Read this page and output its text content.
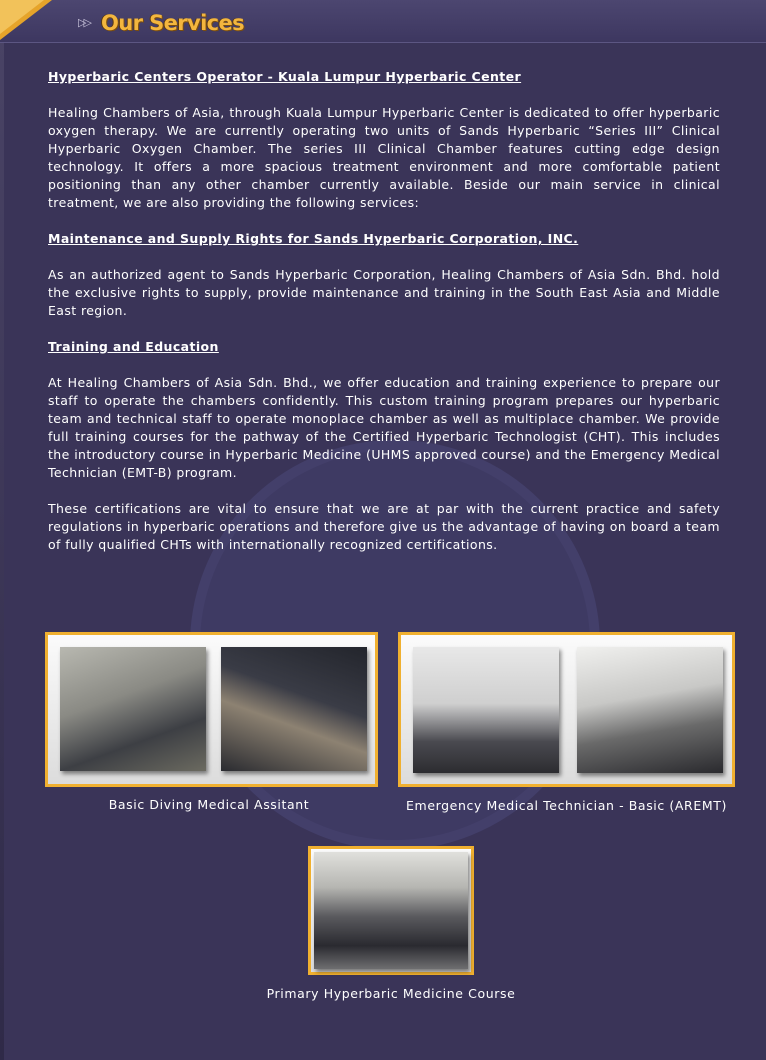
▷▷ Our Services

Hyperbaric Centers Operator - Kuala Lumpur Hyperbaric Center

Healing Chambers of Asia, through Kuala Lumpur Hyperbaric Center is dedicated to offer hyperbaric oxygen therapy. We are currently operating two units of Sands Hyperbaric “Series III” Clinical Hyperbaric Oxygen Chamber. The series III Clinical Chamber features cutting edge design technology. It offers a more spacious treatment environment and more comfortable patient positioning than any other chamber currently available. Beside our main service in clinical treatment, we are also providing the following services:

Maintenance and Supply Rights for Sands Hyperbaric Corporation, INC.

As an authorized agent to Sands Hyperbaric Corporation, Healing Chambers of Asia Sdn. Bhd. hold the exclusive rights to supply, provide maintenance and training in the South East Asia and Middle East region.

Training and Education

At Healing Chambers of Asia Sdn. Bhd., we offer education and training experience to prepare our staff to operate the chambers confidently. This custom training program prepares our hyperbaric team and technical staff to operate monoplace chamber as well as multiplace chamber. We provide full training courses for the pathway of the Certified Hyperbaric Technologist (CHT). This includes the introductory course in Hyperbaric Medicine (UHMS approved course) and the Emergency Medical Technician (EMT-B) program.

These certifications are vital to ensure that we are at par with the current practice and safety regulations in hyperbaric operations and therefore give us the advantage of having on board a team of fully qualified CHTs with internationally recognized certifications.

Basic Diving Medical Assitant	Emergency Medical Technician - Basic (AREMT)
Primary Hyperbaric Medicine Course
